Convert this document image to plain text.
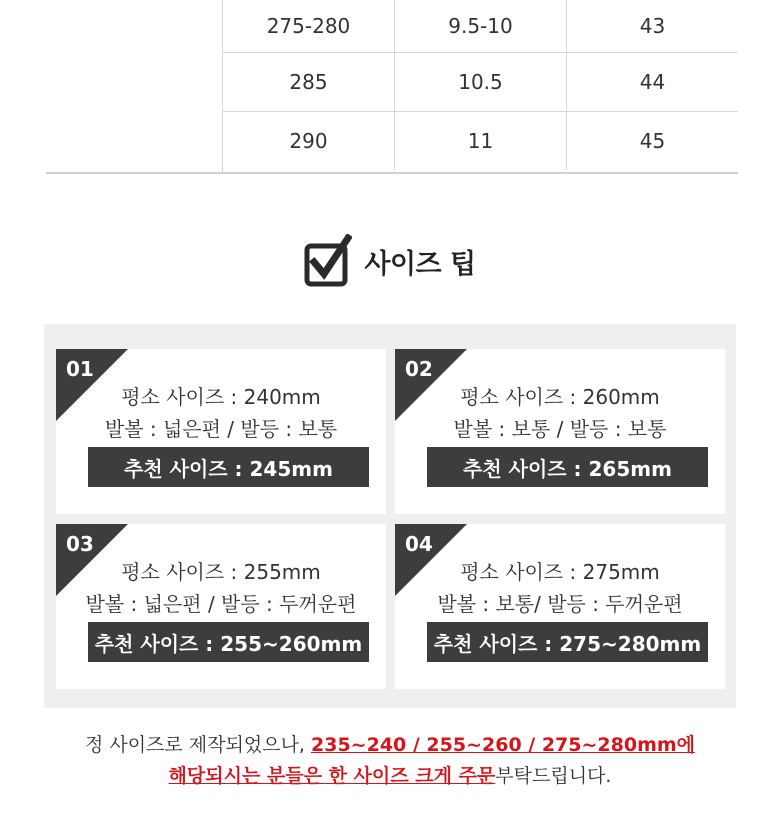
275-280	9.5-10	43
285	10.5	44
290	11	45
사이즈 팁
01
평소 사이즈 : 240mm
발볼 : 넓은편 / 발등 : 보통
추천 사이즈 : 245mm
02
평소 사이즈 : 260mm
발볼 : 보통 / 발등 : 보통
추천 사이즈 : 265mm
03
평소 사이즈 : 255mm
발볼 : 넓은편 / 발등 : 두꺼운편
추천 사이즈 : 255~260mm
04
평소 사이즈 : 275mm
발볼 : 보통/ 발등 : 두꺼운편
추천 사이즈 : 275~280mm
정 사이즈로 제작되었으나, 235~240 / 255~260 / 275~280mm에
해당되시는 분들은 한 사이즈 크게 주문부탁드립니다.
